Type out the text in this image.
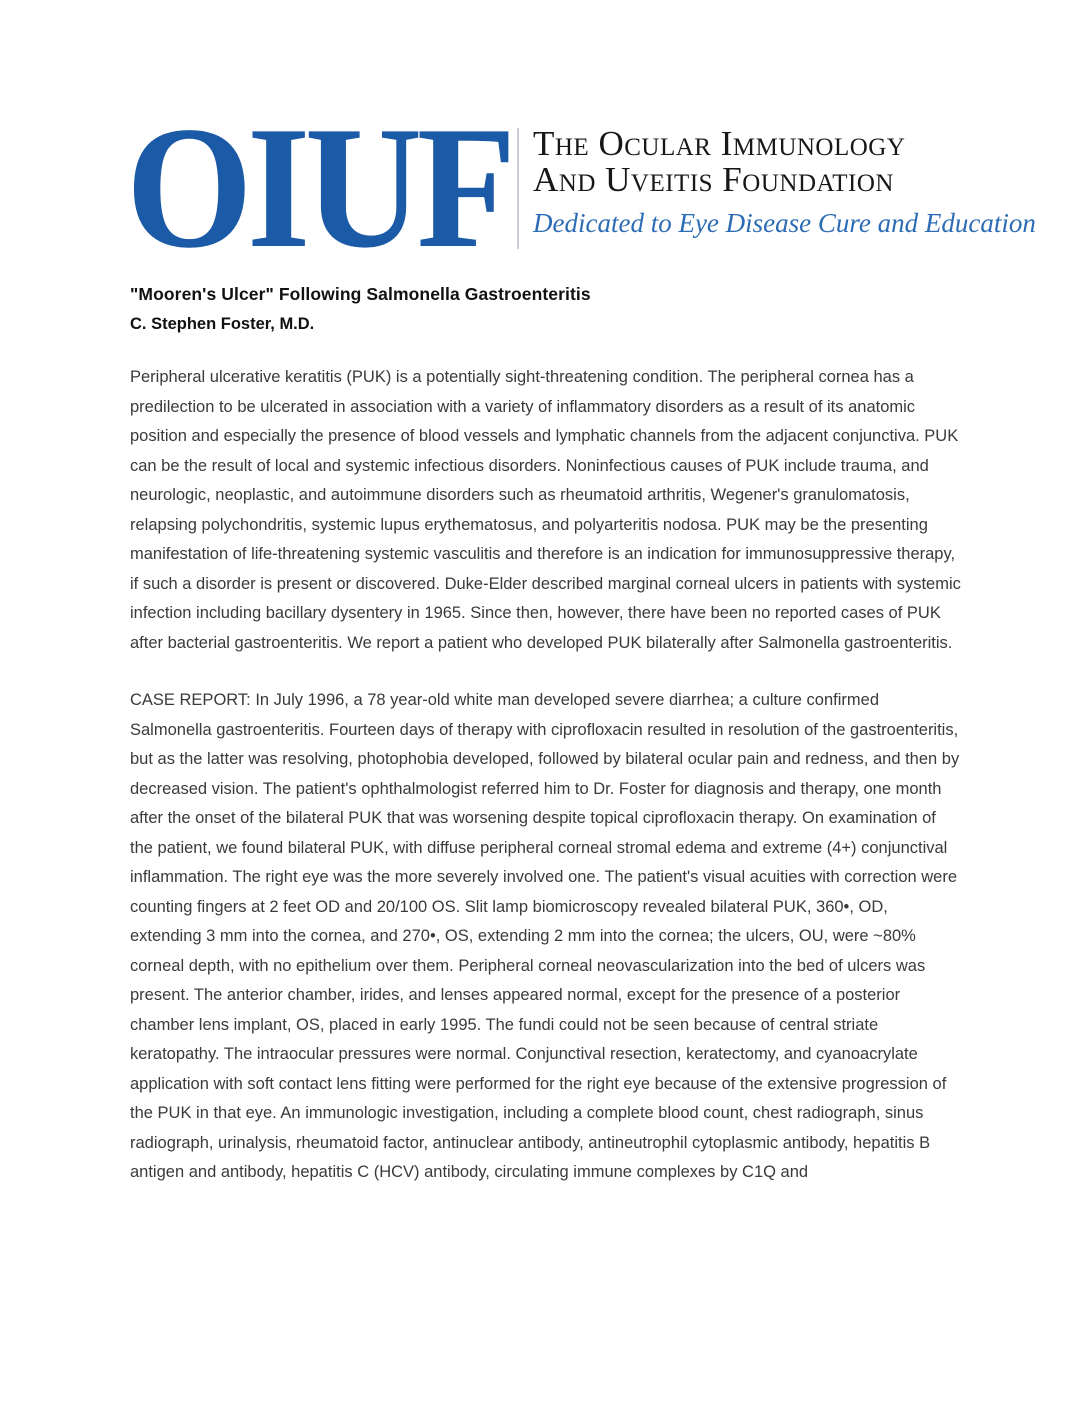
OIUF The Ocular Immunology
And Uveitis Foundation
Dedicated to Eye Disease Cure and Education
"Mooren's Ulcer" Following Salmonella Gastroenteritis
C. Stephen Foster, M.D.

Peripheral ulcerative keratitis (PUK) is a potentially sight-threatening condition. The peripheral cornea has a predilection to be ulcerated in association with a variety of inflammatory disorders as a result of its anatomic position and especially the presence of blood vessels and lymphatic channels from the adjacent conjunctiva. PUK can be the result of local and systemic infectious disorders. Noninfectious causes of PUK include trauma, and neurologic, neoplastic, and autoimmune disorders such as rheumatoid arthritis, Wegener's granulomatosis, relapsing polychondritis, systemic lupus erythematosus, and polyarteritis nodosa. PUK may be the presenting manifestation of life-threatening systemic vasculitis and therefore is an indication for immunosuppressive therapy, if such a disorder is present or discovered. Duke-Elder described marginal corneal ulcers in patients with systemic infection including bacillary dysentery in 1965. Since then, however, there have been no reported cases of PUK after bacterial gastroenteritis. We report a patient who developed PUK bilaterally after Salmonella gastroenteritis.

CASE REPORT: In July 1996, a 78 year-old white man developed severe diarrhea; a culture confirmed Salmonella gastroenteritis. Fourteen days of therapy with ciprofloxacin resulted in resolution of the gastroenteritis, but as the latter was resolving, photophobia developed, followed by bilateral ocular pain and redness, and then by decreased vision. The patient's ophthalmologist referred him to Dr. Foster for diagnosis and therapy, one month after the onset of the bilateral PUK that was worsening despite topical ciprofloxacin therapy. On examination of the patient, we found bilateral PUK, with diffuse peripheral corneal stromal edema and extreme (4+) conjunctival inflammation. The right eye was the more severely involved one. The patient's visual acuities with correction were counting fingers at 2 feet OD and 20/100 OS. Slit lamp biomicroscopy revealed bilateral PUK, 360•, OD, extending 3 mm into the cornea, and 270•, OS, extending 2 mm into the cornea; the ulcers, OU, were ~80% corneal depth, with no epithelium over them. Peripheral corneal neovascularization into the bed of ulcers was present. The anterior chamber, irides, and lenses appeared normal, except for the presence of a posterior chamber lens implant, OS, placed in early 1995. The fundi could not be seen because of central striate keratopathy. The intraocular pressures were normal. Conjunctival resection, keratectomy, and cyanoacrylate application with soft contact lens fitting were performed for the right eye because of the extensive progression of the PUK in that eye. An immunologic investigation, including a complete blood count, chest radiograph, sinus radiograph, urinalysis, rheumatoid factor, antinuclear antibody, antineutrophil cytoplasmic antibody, hepatitis B antigen and antibody, hepatitis C (HCV) antibody, circulating immune complexes by C1Q and
